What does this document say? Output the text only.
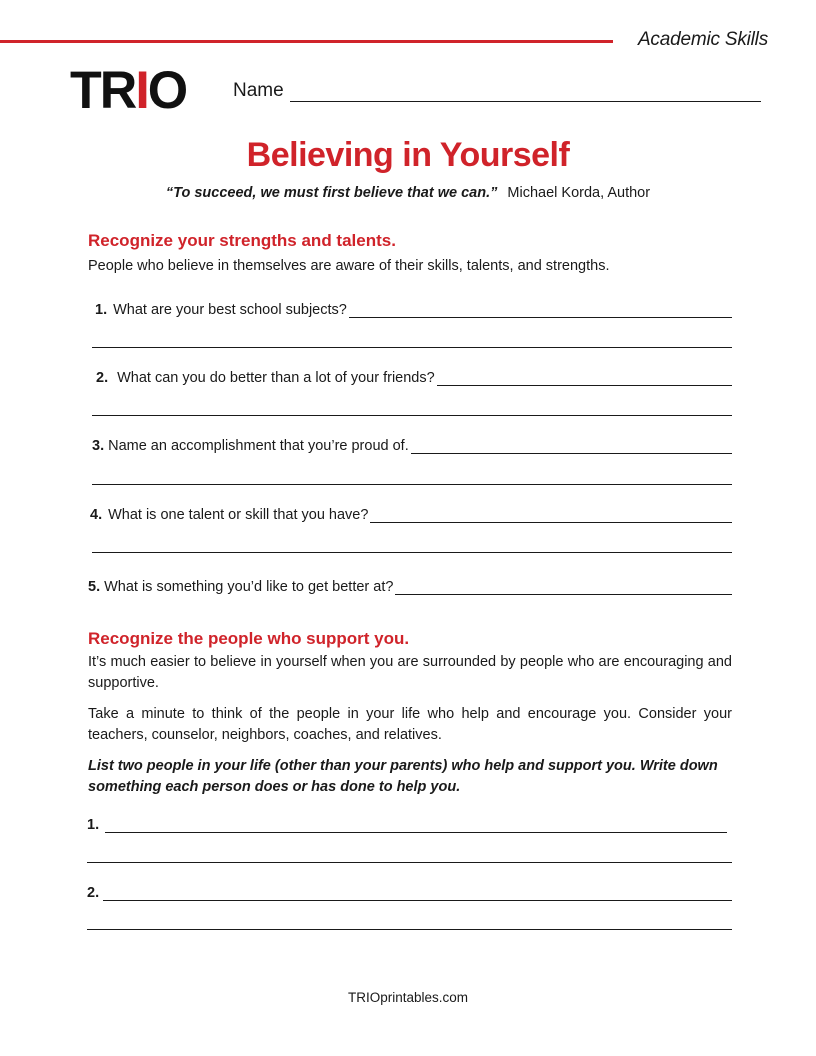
Academic Skills
TRIO Name
Believing in Yourself
“To succeed, we must first believe that we can.” Michael Korda, Author
Recognize your strengths and talents.

People who believe in themselves are aware of their skills, talents, and strengths.

1. What are your best school subjects?
2. What can you do better than a lot of your friends?
3. Name an accomplishment that you’re proud of.
4. What is one talent or skill that you have?
5. What is something you’d like to get better at?
Recognize the people who support you.

It’s much easier to believe in yourself when you are surrounded by people who are encouraging and supportive.

Take a minute to think of the people in your life who help and encourage you. Consider your teachers, counselor, neighbors, coaches, and relatives.

List two people in your life (other than your parents) who help and support you. Write down something each person does or has done to help you.

1.
2.
TRIOprintables.com
